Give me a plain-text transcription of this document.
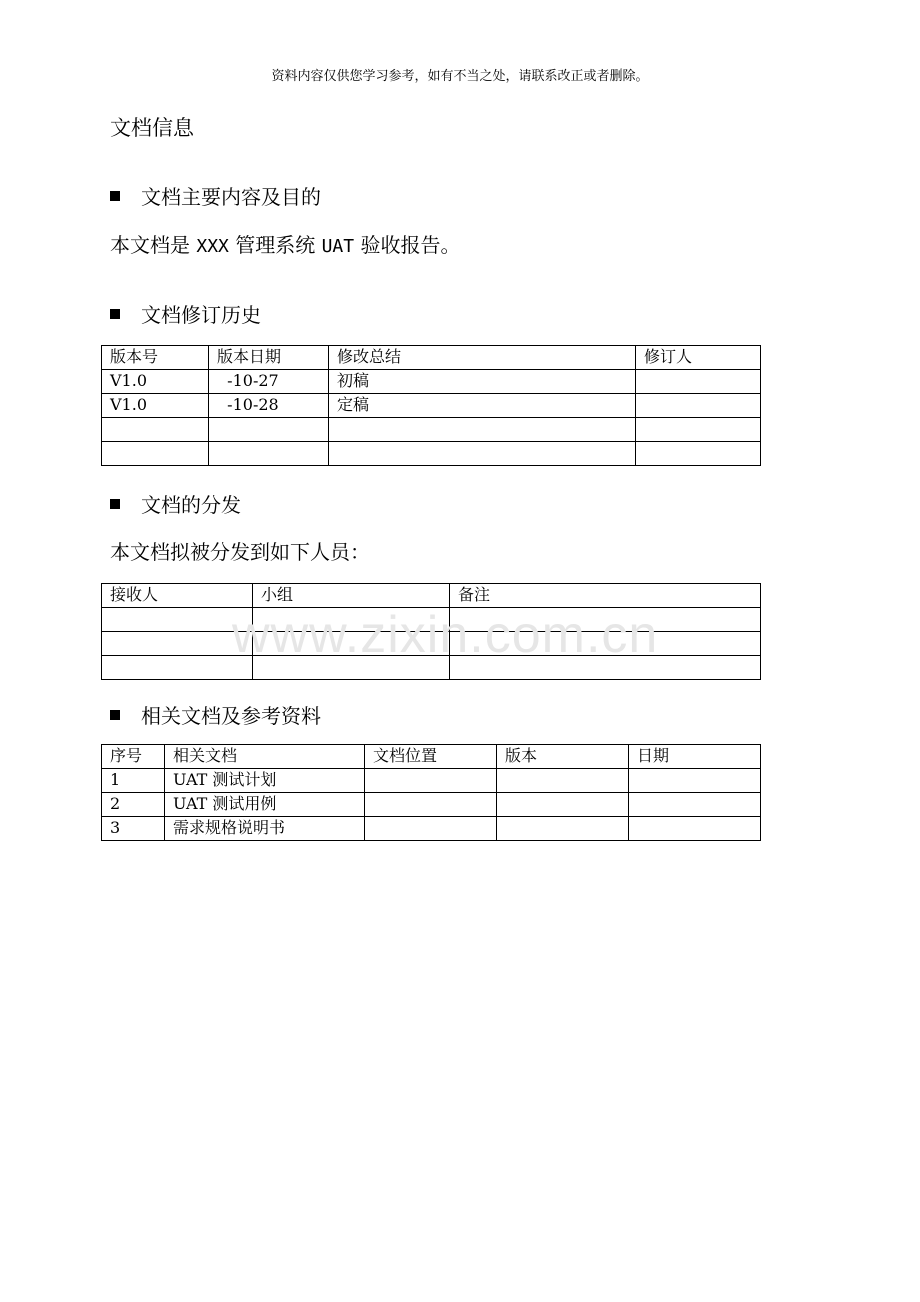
资料内容仅供您学习参考，如有不当之处，请联系改正或者删除。
文档信息
文档主要内容及目的
本文档是 XXX 管理系统 UAT 验收报告。
文档修订历史
版本号	版本日期	修改总结	修订人
V1.0	-10-27	初稿	
V1.0	-10-28	定稿	

文档的分发
本文档拟被分发到如下人员：
接收人	小组	备注

www.zixin.com.cn
相关文档及参考资料
序号	相关文档	文档位置	版本	日期
1	UAT 测试计划			
2	UAT 测试用例			
3	需求规格说明书			
